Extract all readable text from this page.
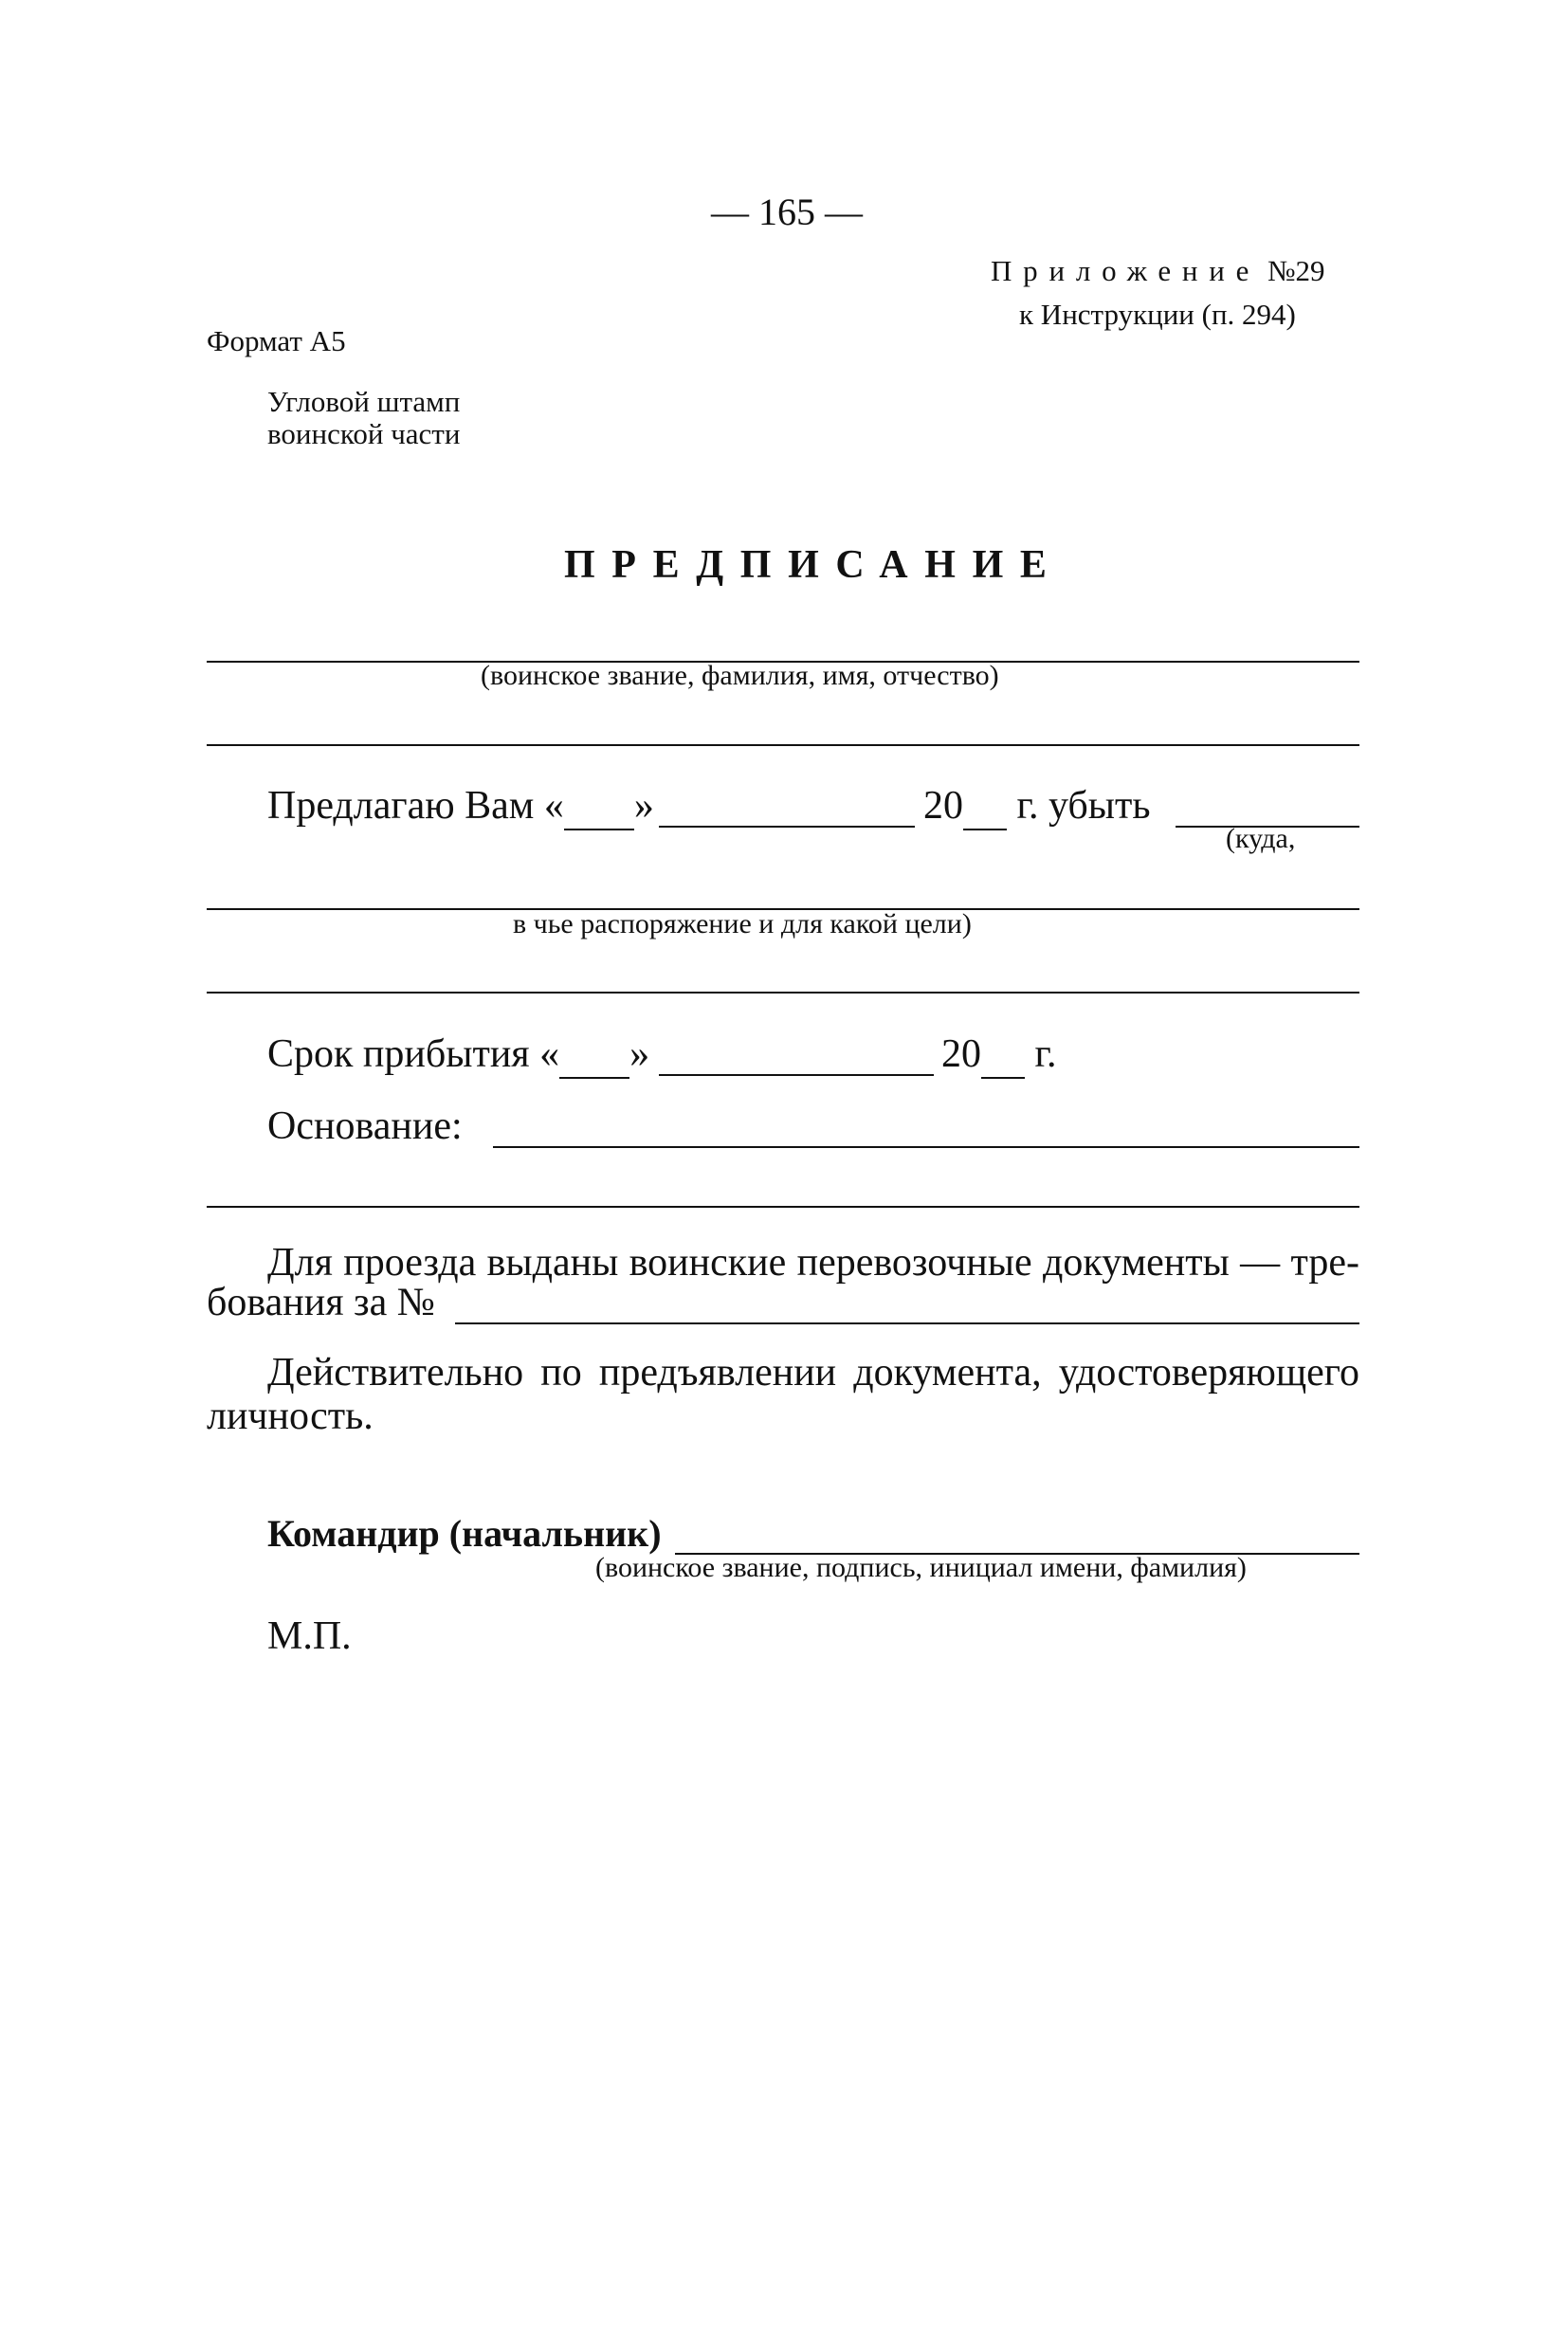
— 165 —
Приложение №29
к Инструкции (п. 294)
Формат А5
Угловой штамп
воинской части
ПРЕДПИСАНИЕ
(воинское звание, фамилия, имя, отчество)
Предлагаю Вам « »	20 г. убыть
(куда,
в чье распоряжение и для какой цели)
Срок прибытия « »	20 г.
Основание:
Для проезда выданы воинские перевозочные документы — тре-
бования за №
Действительно по предъявлении документа, удостоверяющего
личность.
Командир (начальник)
(воинское звание, подпись, инициал имени, фамилия)
М.П.
